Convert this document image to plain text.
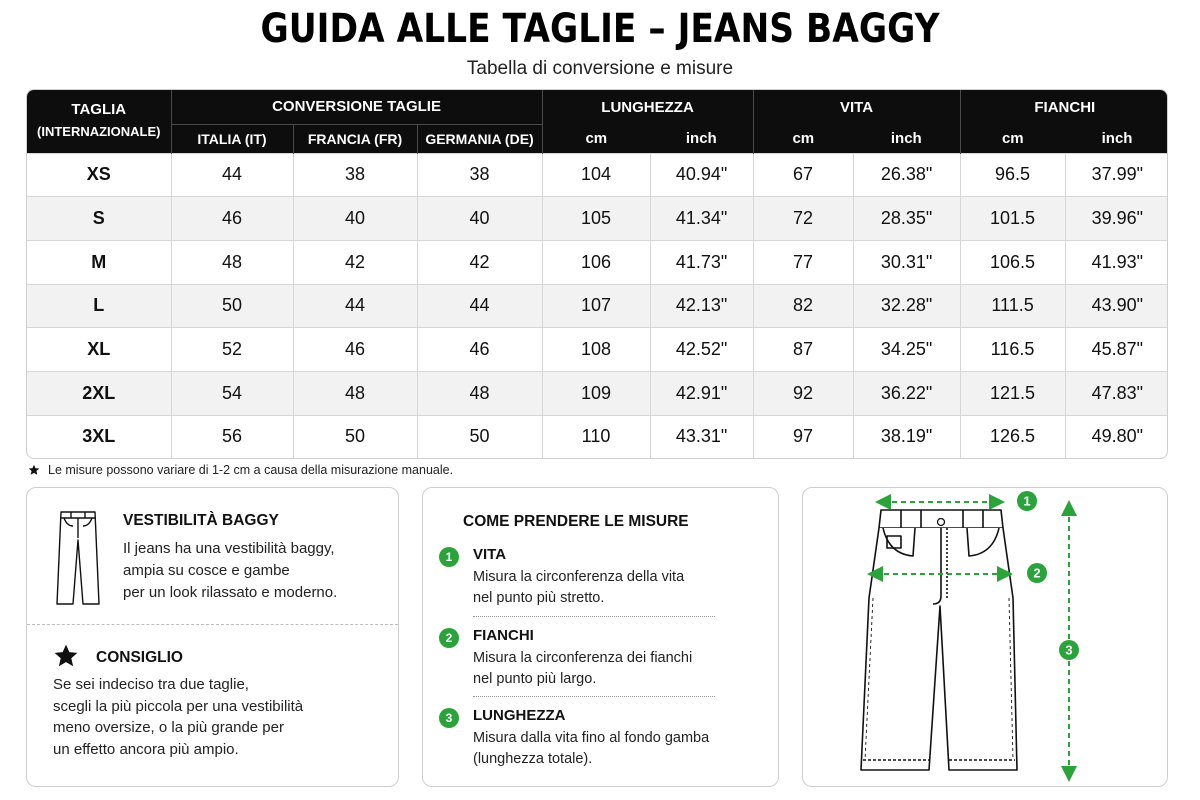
GUIDA ALLE TAGLIE – JEANS BAGGY
Tabella di conversione e misure
TAGLIA
(INTERNAZIONALE)	CONVERSIONE TAGLIE			LUNGHEZZA		VITA		FIANCHI	
	ITALIA (IT)	FRANCIA (FR)	GERMANIA (DE)	cm	inch	cm	inch	cm	inch
XS	44	38	38	104	40.94"	67	26.38"	96.5	37.99"
S	46	40	40	105	41.34"	72	28.35"	101.5	39.96"
M	48	42	42	106	41.73"	77	30.31"	106.5	41.93"
L	50	44	44	107	42.13"	82	32.28"	111.5	43.90"
XL	52	46	46	108	42.52"	87	34.25"	116.5	45.87"
2XL	54	48	48	109	42.91"	92	36.22"	121.5	47.83"
3XL	56	50	50	110	43.31"	97	38.19"	126.5	49.80"
Le misure possono variare di 1-2 cm a causa della misurazione manuale.
VESTIBILITÀ BAGGY
Il jeans ha una vestibilità baggy,
ampia su cosce e gambe
per un look rilassato e moderno.
CONSIGLIO
Se sei indeciso tra due taglie,
scegli la più piccola per una vestibilità
meno oversize, o la più grande per
un effetto ancora più ampio.
COME PRENDERE LE MISURE
1	VITA
Misura la circonferenza della vita
nel punto più stretto.
2	FIANCHI
Misura la circonferenza dei fianchi
nel punto più largo.
3	LUNGHEZZA
Misura dalla vita fino al fondo gamba
(lunghezza totale).
1
2
3
